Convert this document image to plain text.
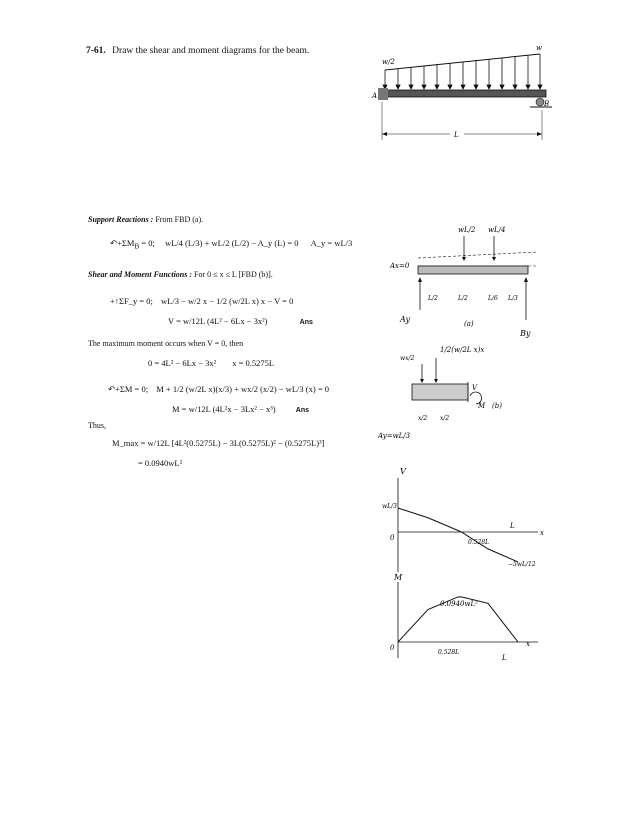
7-61. Draw the shear and moment diagrams for the beam.
w/2
w
A
B
L
Support Reactions : From FBD (a).
$↶+\Sigma M_B = 0$; wL/4 (L/3) + wL/2 (L/2) − A_y (L) = 0 A_y = wL/3
Shear and Moment Functions : For 0 ≤ x ≤ L [FBD (b)].
+↑ΣF_y = 0; wL/3 − w/2 x − 1/2 (w/2L x) x − V = 0
V = w/12L (4L² − 6Lx − 3x²)	Ans
The maximum moment occurs when V = 0, then
0 = 4L² − 6Lx − 3x² x = 0.5275L
↶+ΣM = 0; M + 1/2 (w/2L x)(x/3) + wx/2 (x/2) − wL/3 (x) = 0
M = w/12L (4L²x − 3Lx² − x³)	Ans
Thus,
M_max = w/12L [4L²(0.5275L) − 3L(0.5275L)² − (0.5275L)³]
= 0.0940wL²
wL/2 wL/4
Ax=0
L/2	L/2	L/6 L/3
Ay	(a)
By
1/2(w/2L x)x
wx/2
V
M (b)
x/2 x/2
Ay=wL/3
V
wL/3
0
0.528L
L
x
−5wL/12
M
0.0940wL²
0
0.528L
L
x
